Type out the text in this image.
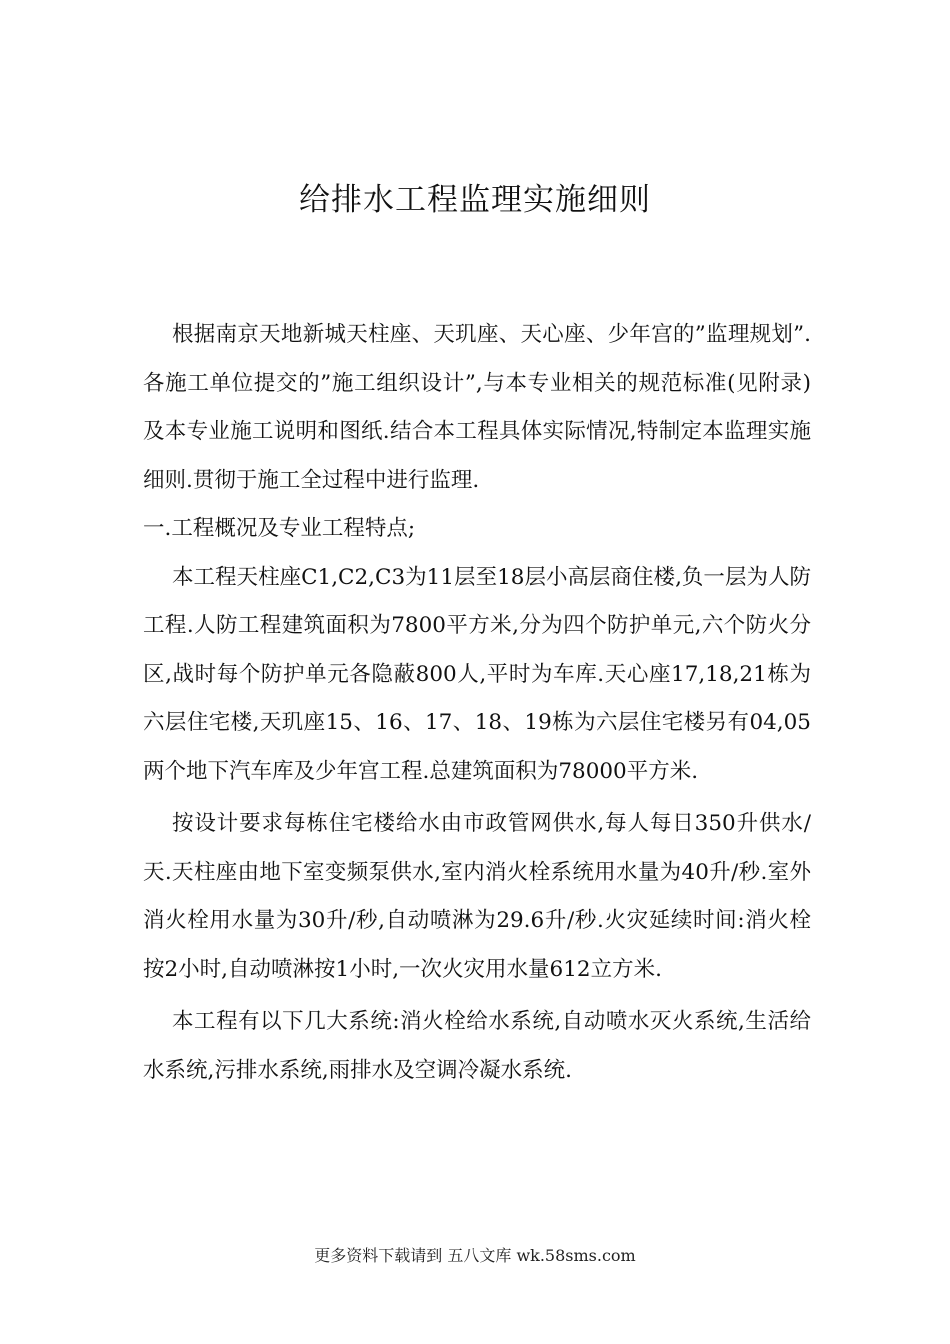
给排水工程监理实施细则

根据南京天地新城天柱座、天玑座、天心座、少年宫的”监理规划”.各施工单位提交的”施工组织设计”,与本专业相关的规范标准(见附录)及本专业施工说明和图纸.结合本工程具体实际情况,特制定本监理实施细则.贯彻于施工全过程中进行监理.

一.工程概况及专业工程特点;

本工程天柱座C1,C2,C3为11层至18层小高层商住楼,负一层为人防工程.人防工程建筑面积为7800平方米,分为四个防护单元,六个防火分区,战时每个防护单元各隐蔽800人,平时为车库.天心座17,18,21栋为六层住宅楼,天玑座15、16、17、18、19栋为六层住宅楼另有04,05两个地下汽车库及少年宫工程.总建筑面积为78000平方米.

按设计要求每栋住宅楼给水由市政管网供水,每人每日350升供水/天.天柱座由地下室变频泵供水,室内消火栓系统用水量为40升/秒.室外消火栓用水量为30升/秒,自动喷淋为29.6升/秒.火灾延续时间:消火栓按2小时,自动喷淋按1小时,一次火灾用水量612立方米.

本工程有以下几大系统:消火栓给水系统,自动喷水灭火系统,生活给水系统,污排水系统,雨排水及空调冷凝水系统.

更多资料下载请到 五八文库 wk.58sms.com
